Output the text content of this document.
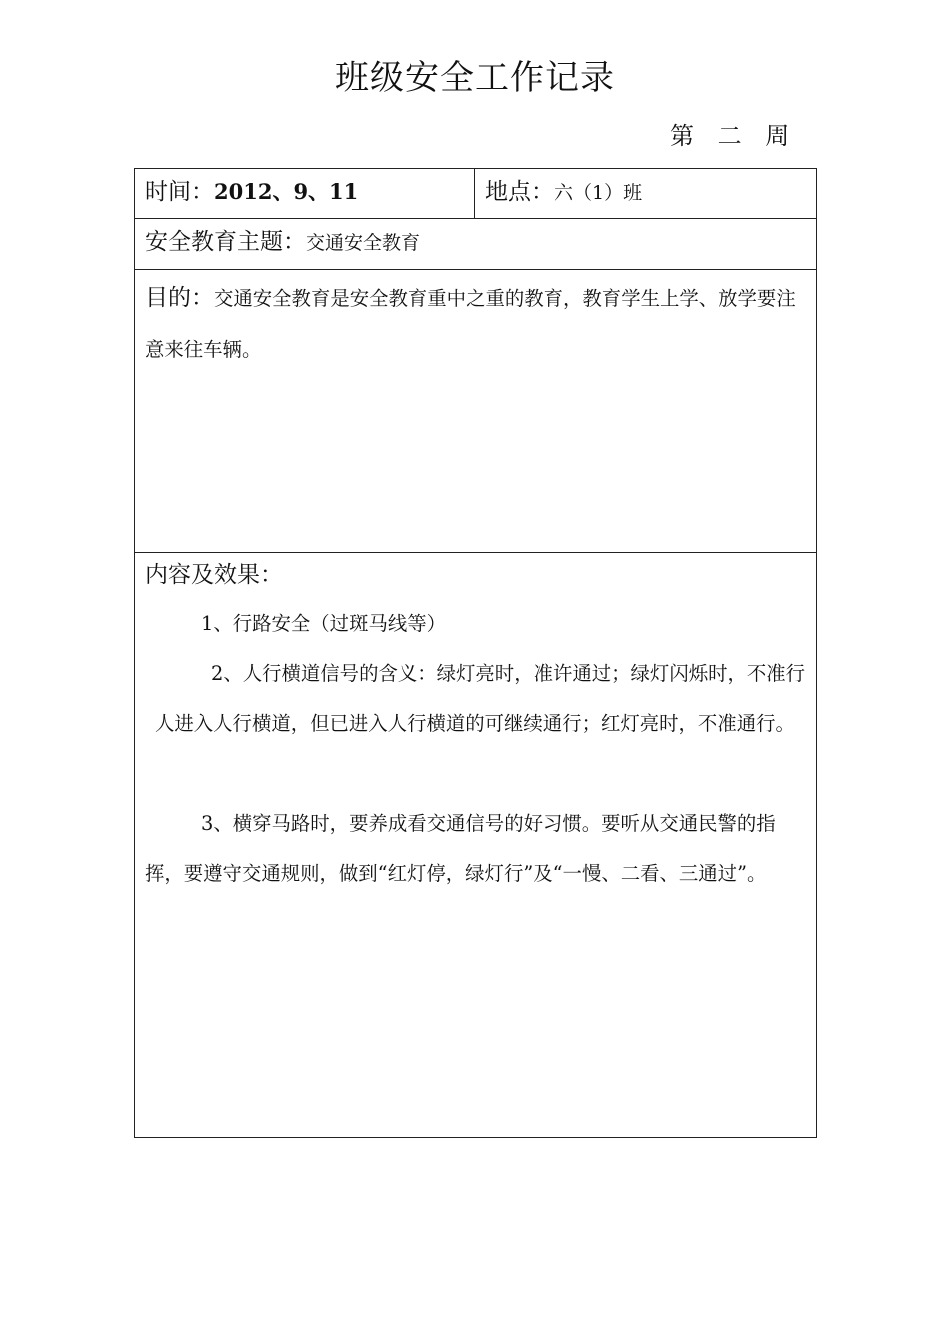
班级安全工作记录
第 二 周
时间：2012、9、11	地点：六（1）班
安全教育主题：交通安全教育
目的：交通安全教育是安全教育重中之重的教育，教育学生上学、放学要注意来往车辆。
内容及效果：

1、行路安全（过斑马线等）

2、人行横道信号的含义：绿灯亮时，准许通过；绿灯闪烁时，不准行人进入人行横道，但已进入人行横道的可继续通行；红灯亮时，不准通行。

3、横穿马路时，要养成看交通信号的好习惯。要听从交通民警的指挥，要遵守交通规则，做到“红灯停，绿灯行”及“一慢、二看、三通过”。
